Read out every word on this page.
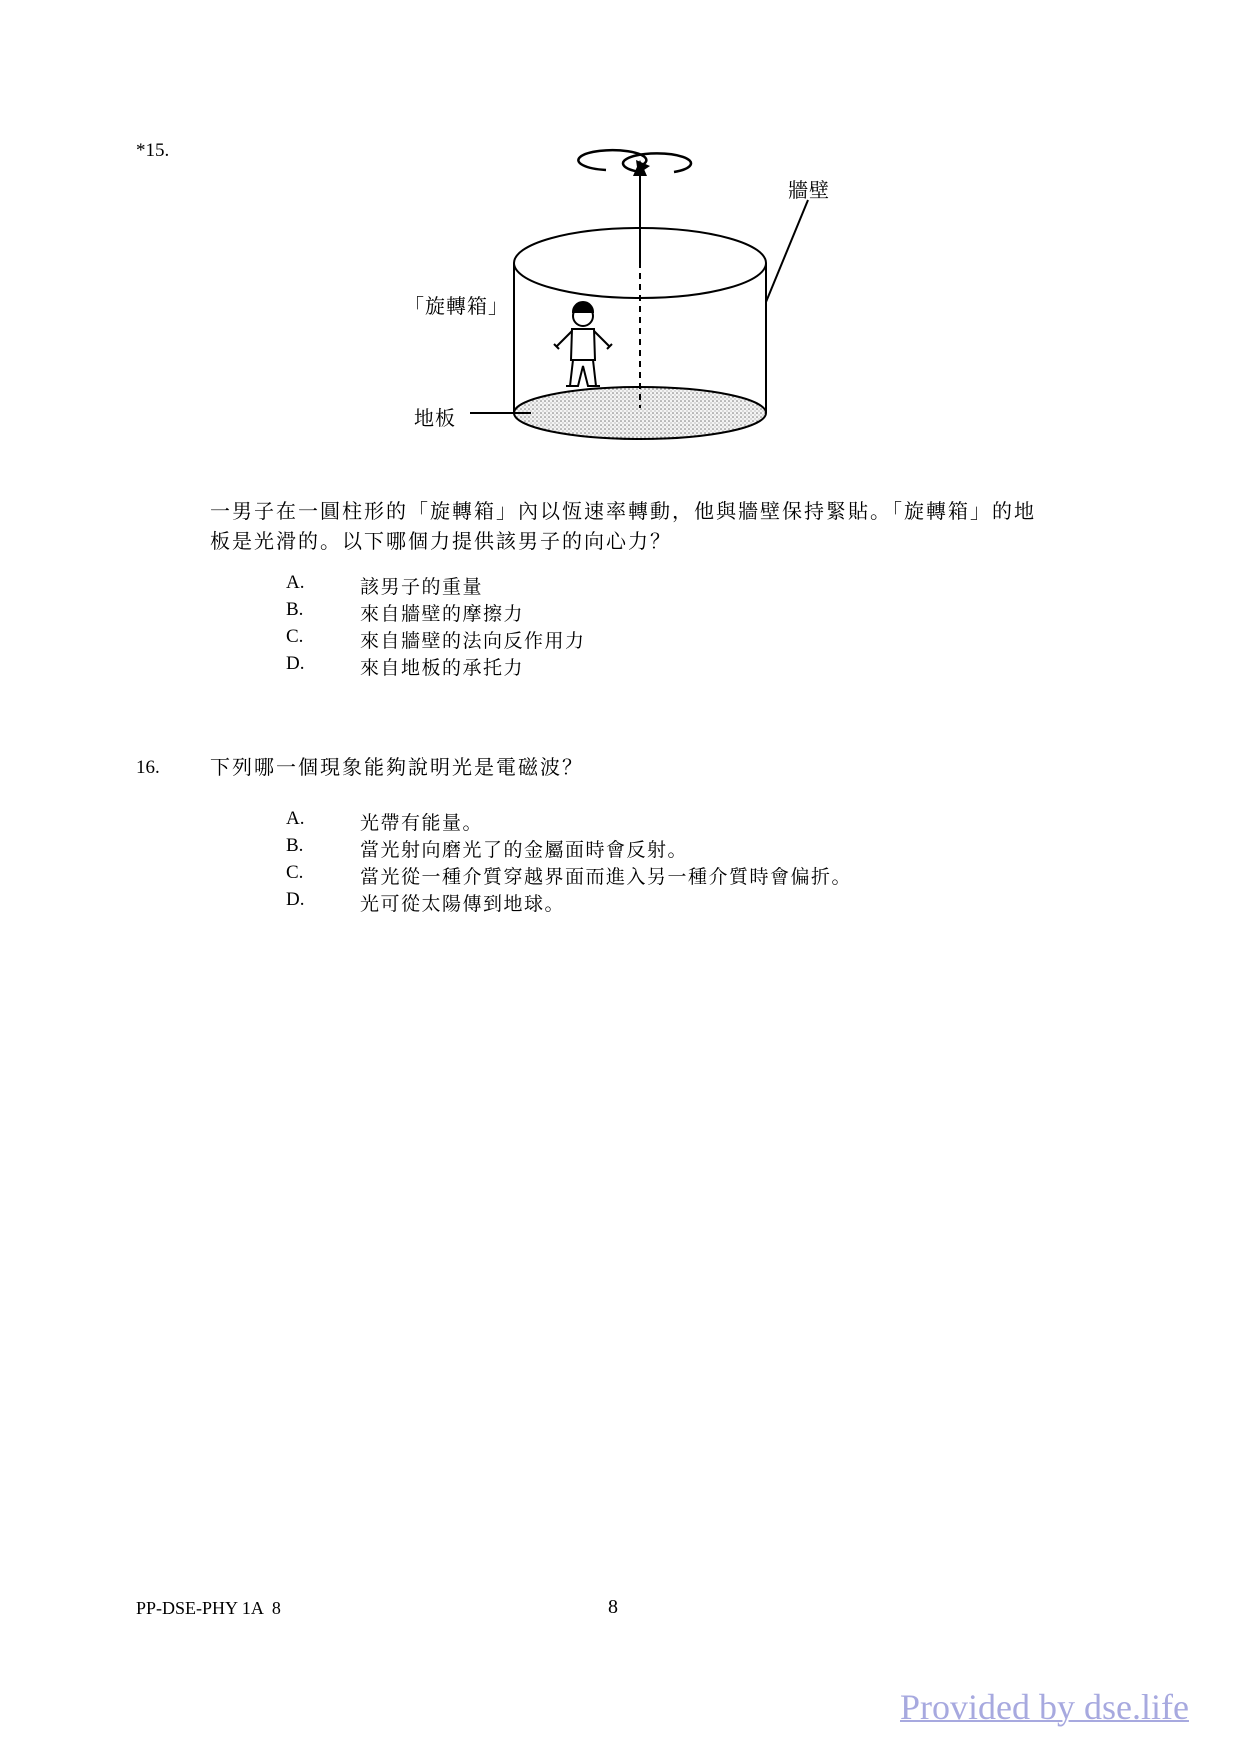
*15.
「旋轉箱」
牆壁
地板
一男子在一圓柱形的「旋轉箱」內以恆速率轉動，他與牆壁保持緊貼。「旋轉箱」的地
板是光滑的。以下哪個力提供該男子的向心力？
A.	該男子的重量
B.	來自牆壁的摩擦力
C.	來自牆壁的法向反作用力
D.	來自地板的承托力
16.	下列哪一個現象能夠說明光是電磁波？
A.	光帶有能量。
B.	當光射向磨光了的金屬面時會反射。
C.	當光從一種介質穿越界面而進入另一種介質時會偏折。
D.	光可從太陽傳到地球。
PP-DSE-PHY 1A  8	8
Provided by dse.life
